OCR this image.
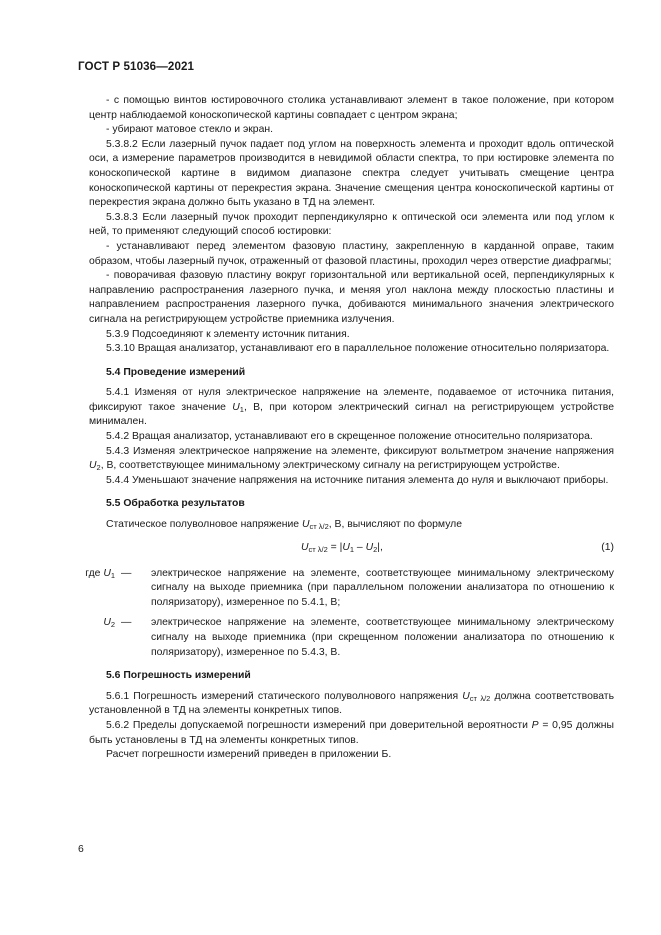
ГОСТ Р 51036—2021

- с помощью винтов юстировочного столика устанавливают элемент в такое положение, при котором центр наблюдаемой коноскопической картины совпадает с центром экрана;

- убирают матовое стекло и экран.

5.3.8.2 Если лазерный пучок падает под углом на поверхность элемента и проходит вдоль оптической оси, а измерение параметров производится в невидимой области спектра, то при юстировке элемента по коноскопической картине в видимом диапазоне спектра следует учитывать смещение центра коноскопической картины от перекрестия экрана. Значение смещения центра коноскопической картины от перекрестия экрана должно быть указано в ТД на элемент.

5.3.8.3 Если лазерный пучок проходит перпендикулярно к оптической оси элемента или под углом к ней, то применяют следующий способ юстировки:

- устанавливают перед элементом фазовую пластину, закрепленную в карданной оправе, таким образом, чтобы лазерный пучок, отраженный от фазовой пластины, проходил через отверстие диафрагмы;

- поворачивая фазовую пластину вокруг горизонтальной или вертикальной осей, перпендикулярных к направлению распространения лазерного пучка, и меняя угол наклона между плоскостью пластины и направлением распространения лазерного пучка, добиваются минимального значения электрического сигнала на регистрирующем устройстве приемника излучения.

5.3.9 Подсоединяют к элементу источник питания.

5.3.10 Вращая анализатор, устанавливают его в параллельное положение относительно поляризатора.

5.4 Проведение измерений

5.4.1 Изменяя от нуля электрическое напряжение на элементе, подаваемое от источника питания, фиксируют такое значение $U_1$, В, при котором электрический сигнал на регистрирующем устройстве минимален.

5.4.2 Вращая анализатор, устанавливают его в скрещенное положение относительно поляризатора.

5.4.3 Изменяя электрическое напряжение на элементе, фиксируют вольтметром значение напряжения $U_2$, В, соответствующее минимальному электрическому сигналу на регистрирующем устройстве.

5.4.4 Уменьшают значение напряжения на источнике питания элемента до нуля и выключают приборы.

5.5 Обработка результатов

Статическое полуволновое напряжение $U_{ст \lambda/2}$, В, вычисляют по формуле

$U_{ст \lambda/2} = |U_1 - U_2|$,	(1)
где $U_1$ — электрическое напряжение на элементе, соответствующее минимальному электрическому сигналу на выходе приемника (при параллельном положении анализатора по отношению к поляризатору), измеренное по 5.4.1, В;
$U_2$ — электрическое напряжение на элементе, соответствующее минимальному электрическому сигналу на выходе приемника (при скрещенном положении анализатора по отношению к поляризатору), измеренное по 5.4.3, В.
5.6 Погрешность измерений

5.6.1 Погрешность измерений статического полуволнового напряжения $U_{ст \lambda/2}$ должна соответствовать установленной в ТД на элементы конкретных типов.

5.6.2 Пределы допускаемой погрешности измерений при доверительной вероятности P = 0,95 должны быть установлены в ТД на элементы конкретных типов.

Расчет погрешности измерений приведен в приложении Б.

6
